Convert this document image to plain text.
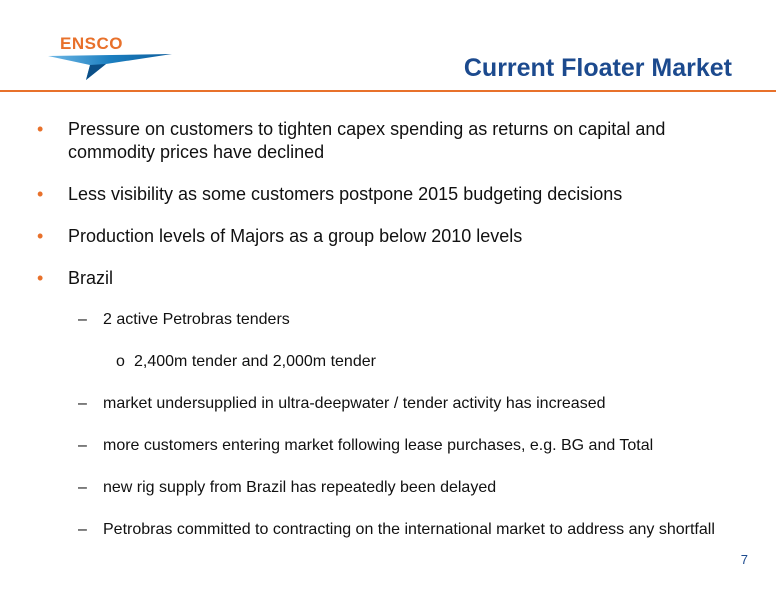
ENSCO
Current Floater Market
• Pressure on customers to tighten capex spending as returns on capital and commodity prices have declined
• Less visibility as some customers postpone 2015 budgeting decisions
• Production levels of Majors as a group below 2010 levels
• Brazil
– 2 active Petrobras tenders
o 2,400m tender and 2,000m tender
– market undersupplied in ultra-deepwater / tender activity has increased
– more customers entering market following lease purchases, e.g. BG and Total
– new rig supply from Brazil has repeatedly been delayed
– Petrobras committed to contracting on the international market to address any shortfall
7
